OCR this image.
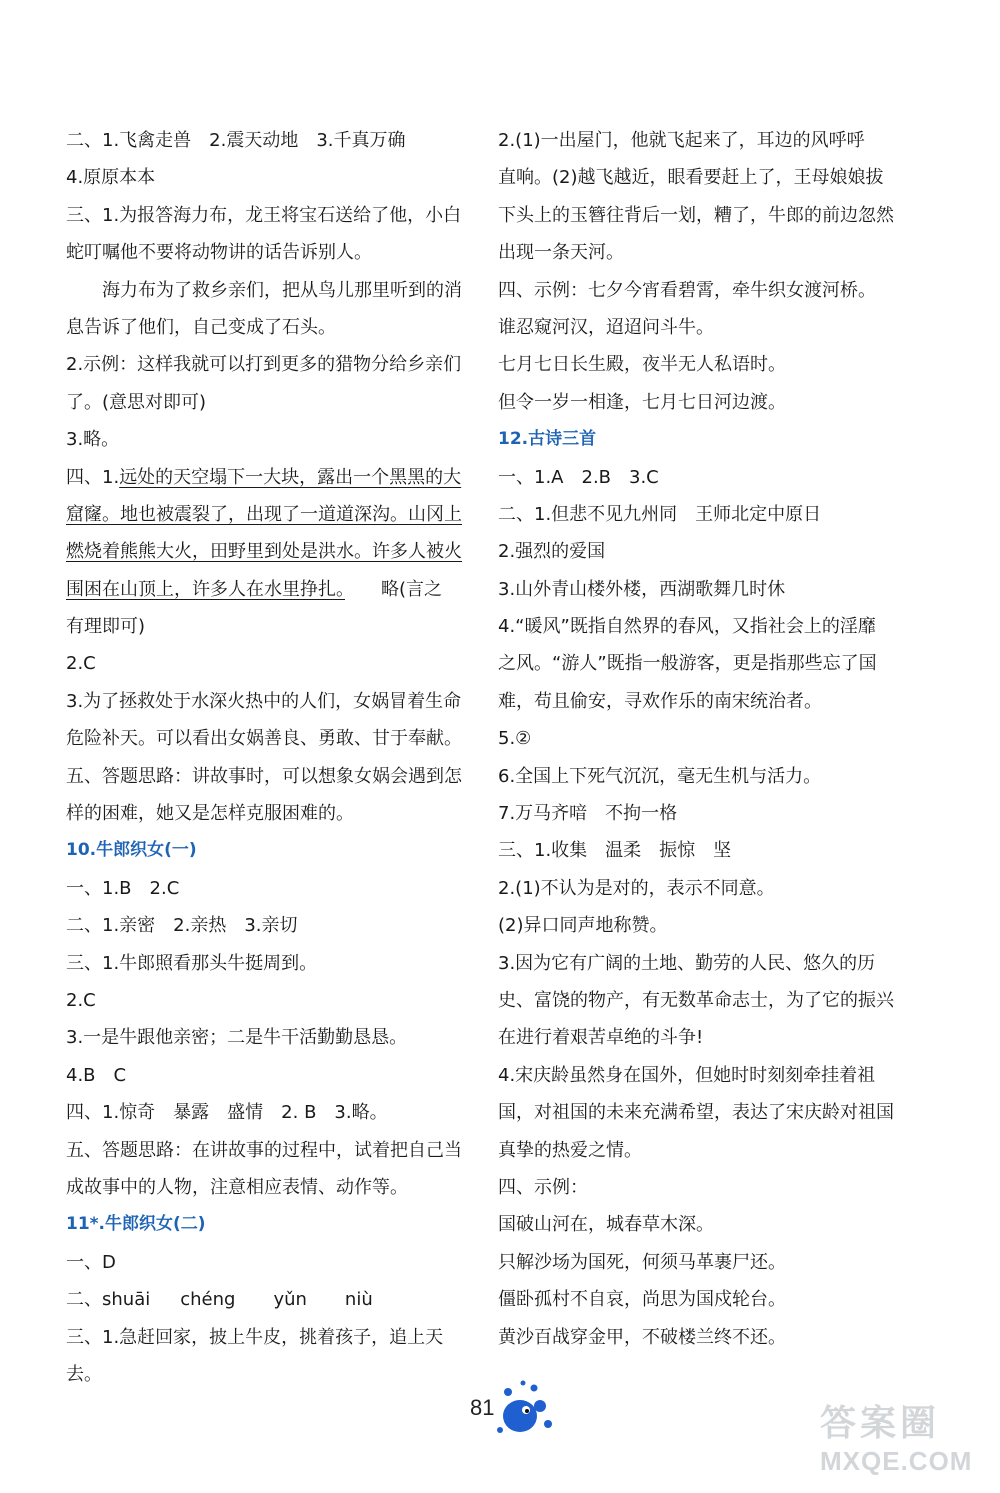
二、1.飞禽走兽　2.震天动地　3.千真万确
4.原原本本
三、1.为报答海力布，龙王将宝石送给了他，小白
蛇叮嘱他不要将动物讲的话告诉别人。
海力布为了救乡亲们，把从鸟儿那里听到的消
息告诉了他们，自己变成了石头。
2.示例：这样我就可以打到更多的猎物分给乡亲们
了。(意思对即可)
3.略。
四、1.远处的天空塌下一大块，露出一个黑黑的大
窟窿。地也被震裂了，出现了一道道深沟。山冈上
燃烧着熊熊大火，田野里到处是洪水。许多人被火
围困在山顶上，许多人在水里挣扎。　　略(言之
有理即可)
2.C
3.为了拯救处于水深火热中的人们，女娲冒着生命
危险补天。可以看出女娲善良、勇敢、甘于奉献。
五、答题思路：讲故事时，可以想象女娲会遇到怎
样的困难，她又是怎样克服困难的。
10.牛郎织女(一)
一、1.B　2.C
二、1.亲密　2.亲热　3.亲切
三、1.牛郎照看那头牛挺周到。
2.C
3.一是牛跟他亲密；二是牛干活勤勤恳恳。
4.B　C
四、1.惊奇　暴露　盛情　2. B　3.略。
五、答题思路：在讲故事的过程中，试着把自己当
成故事中的人物，注意相应表情、动作等。
11*.牛郎织女(二)
一、D
二、shuāi chéng yǔn niù
三、1.急赶回家，披上牛皮，挑着孩子，追上天
去。
2.(1)一出屋门，他就飞起来了，耳边的风呼呼
直响。(2)越飞越近，眼看要赶上了，王母娘娘拔
下头上的玉簪往背后一划，糟了，牛郎的前边忽然
出现一条天河。
四、示例：七夕今宵看碧霄，牵牛织女渡河桥。
谁忍窥河汉，迢迢问斗牛。
七月七日长生殿，夜半无人私语时。
但令一岁一相逢，七月七日河边渡。
12.古诗三首
一、1.A　2.B　3.C
二、1.但悲不见九州同　王师北定中原日
2.强烈的爱国
3.山外青山楼外楼，西湖歌舞几时休
4.“暖风”既指自然界的春风，又指社会上的淫靡
之风。“游人”既指一般游客，更是指那些忘了国
难，苟且偷安，寻欢作乐的南宋统治者。
5.②
6.全国上下死气沉沉，毫无生机与活力。
7.万马齐喑　不拘一格
三、1.收集　温柔　振惊　坚
2.(1)不认为是对的，表示不同意。
(2)异口同声地称赞。
3.因为它有广阔的土地、勤劳的人民、悠久的历
史、富饶的物产，有无数革命志士，为了它的振兴
在进行着艰苦卓绝的斗争!
4.宋庆龄虽然身在国外，但她时时刻刻牵挂着祖
国，对祖国的未来充满希望，表达了宋庆龄对祖国
真挚的热爱之情。
四、示例：
国破山河在，城春草木深。
只解沙场为国死，何须马革裹尸还。
僵卧孤村不自哀，尚思为国戍轮台。
黄沙百战穿金甲，不破楼兰终不还。
81	答案圈
MXQE.COM
